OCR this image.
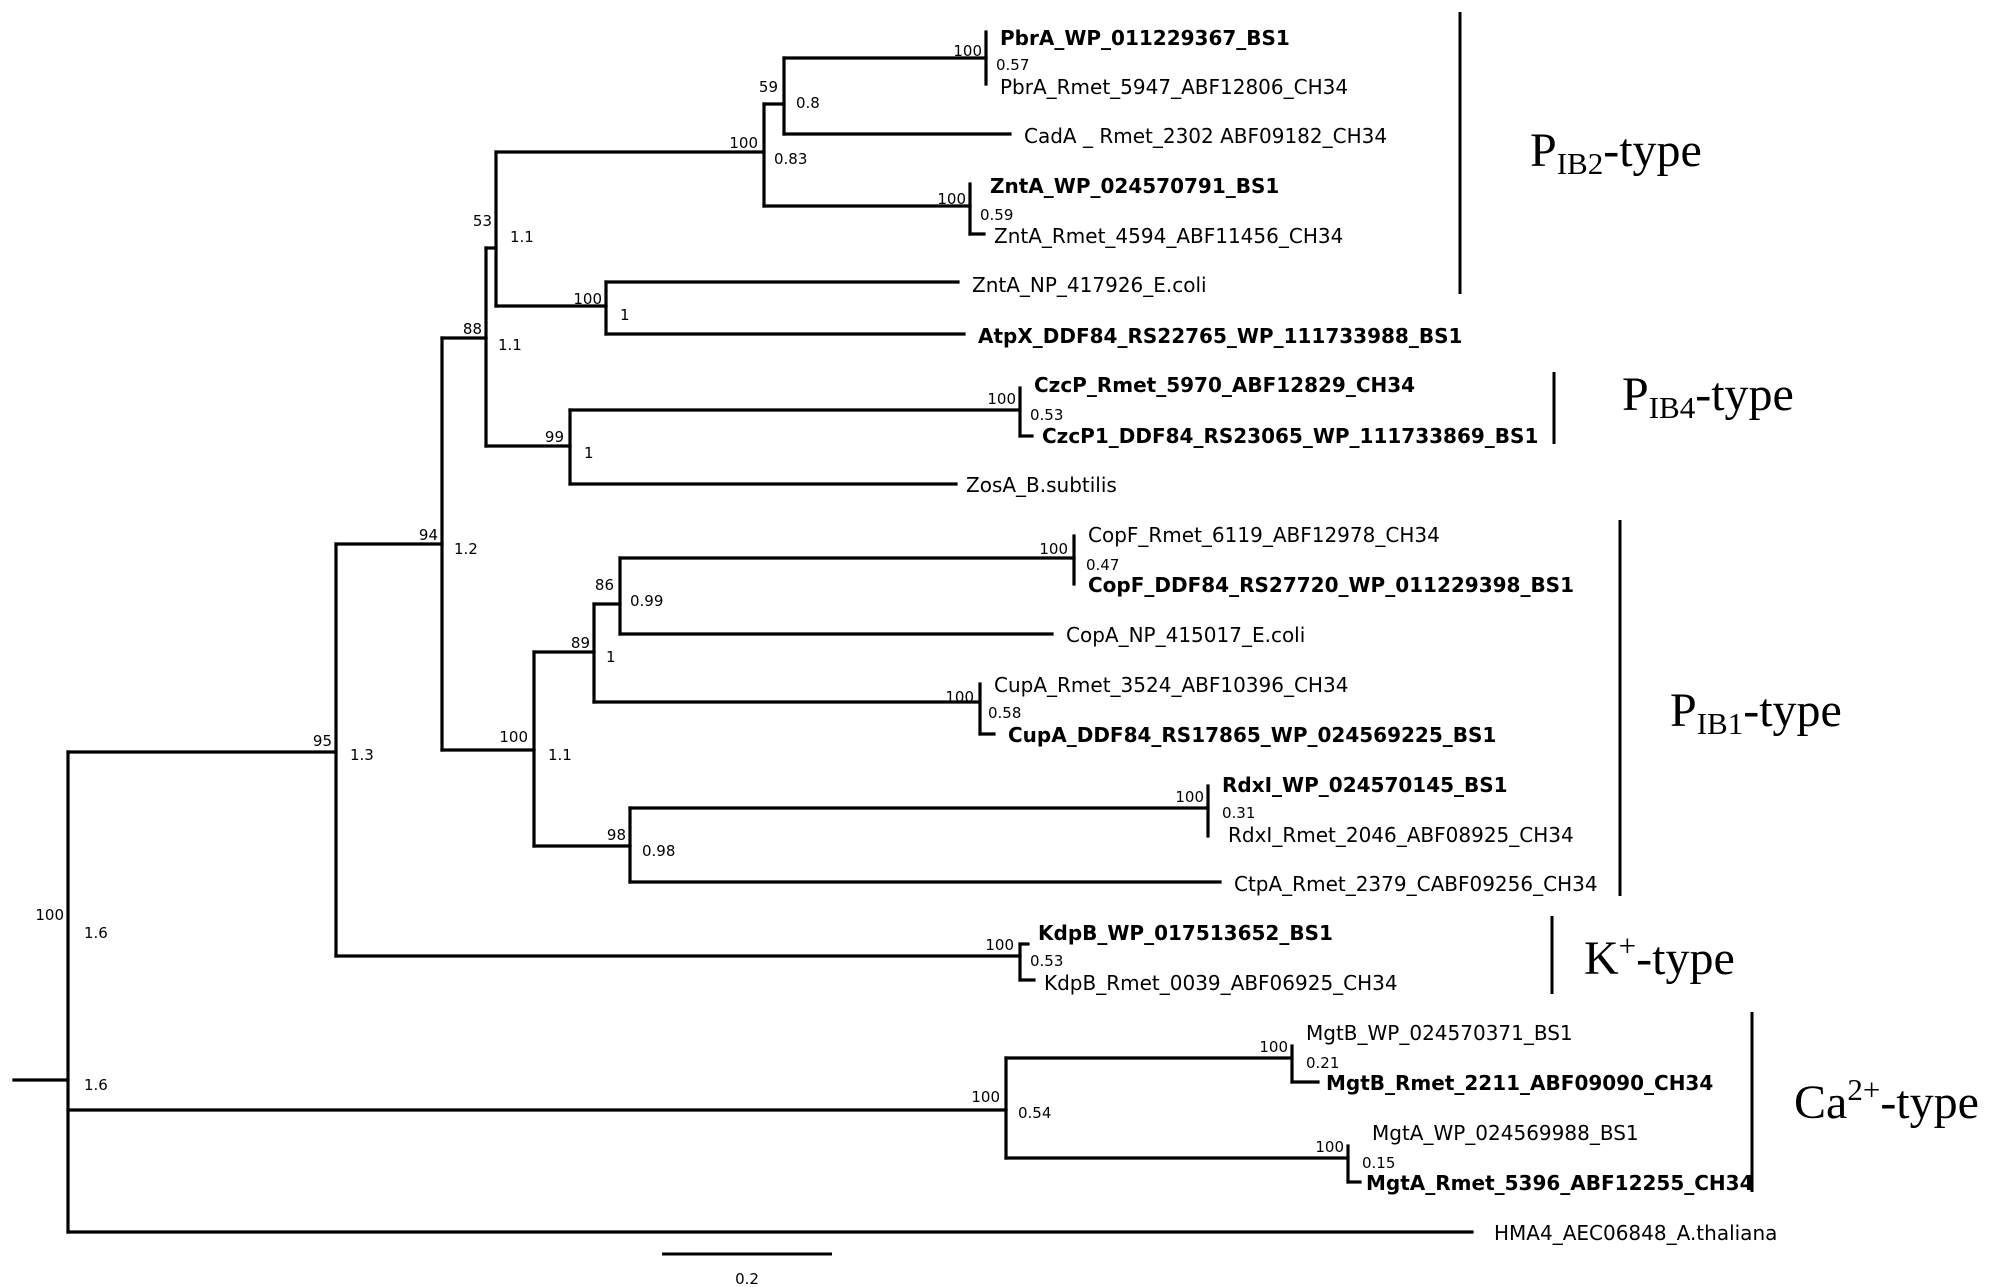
0.2
PbrA_WP_011229367_BS1
PbrA_Rmet_5947_ABF12806_CH34
CadA _ Rmet_2302 ABF09182_CH34
ZntA_WP_024570791_BS1
ZntA_Rmet_4594_ABF11456_CH34
ZntA_NP_417926_E.coli
AtpX_DDF84_RS22765_WP_111733988_BS1
CzcP_Rmet_5970_ABF12829_CH34
CzcP1_DDF84_RS23065_WP_111733869_BS1
ZosA_B.subtilis
CopF_Rmet_6119_ABF12978_CH34
CopF_DDF84_RS27720_WP_011229398_BS1
CopA_NP_415017_E.coli
CupA_Rmet_3524_ABF10396_CH34
CupA_DDF84_RS17865_WP_024569225_BS1
RdxI_WP_024570145_BS1
RdxI_Rmet_2046_ABF08925_CH34
CtpA_Rmet_2379_CABF09256_CH34
KdpB_WP_017513652_BS1
KdpB_Rmet_0039_ABF06925_CH34
MgtB_WP_024570371_BS1
MgtB_Rmet_2211_ABF09090_CH34
MgtA_WP_024569988_BS1
MgtA_Rmet_5396_ABF12255_CH34
HMA4_AEC06848_A.thaliana
100
59
100
100
100
53
100
99
88
100
86
100
89
100
98
100
94
100
95
100
100
100
100
0.57
0.8
0.59
0.83
1
1.1
0.53
1
1.1
0.47
0.99
0.58
1
0.31
0.98
1.1
1.2
0.53
1.3
0.21
0.15
0.54
1.6
1.6
PIB2-type
PIB4-type
PIB1-type
K+-type
$Ca^{2+}$-type
